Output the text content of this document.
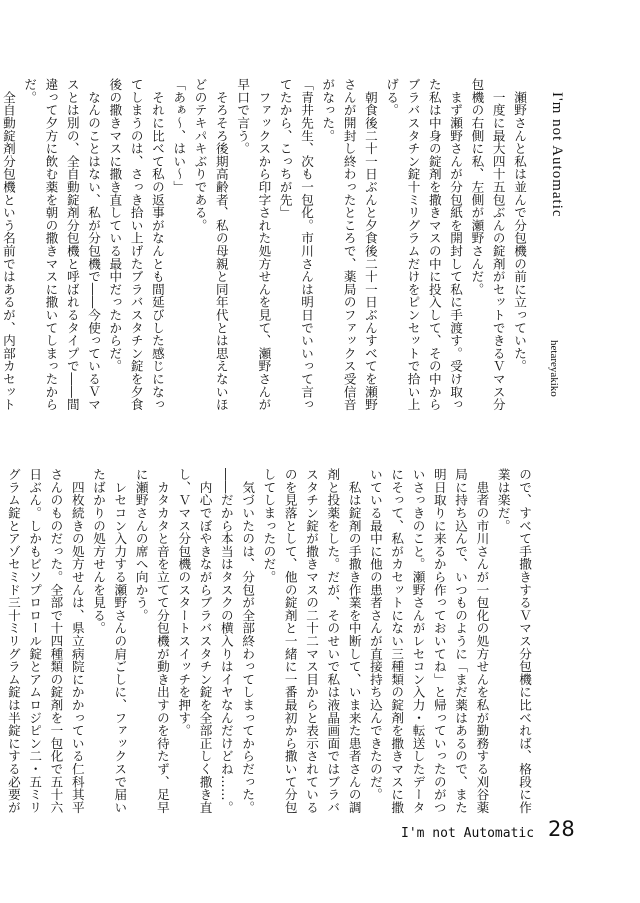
I'm not Automatic
hetareyakiko

　瀬野さんと私は並んで分包機の前に立っていた。

　一度に最大四十五包ぶんの錠剤がセットできるＶマス分包機の右側に私、左側が瀬野さんだ。

　まず瀬野さんが分包紙を開封して私に手渡す。受け取った私は中身の錠剤を撒きマスの中に投入して、その中からブラバスタチン錠十ミリグラムだけをピンセットで拾い上げる。

　朝食後二十一日ぶんと夕食後二十一日ぶんすべてを瀬野さんが開封し終わったところで、薬局のファックス受信音がなった。

「青井先生、次も一包化。市川さんは明日でいいって言ってたから、こっちが先」

　ファックスから印字された処方せんを見て、瀬野さんが早口で言う。

　そろそろ後期高齢者、私の母親と同年代とは思えないほどのテキパキぶりである。

「あぁ～、はい～」

　それに比べて私の返事がなんとも間延びした感じになってしまうのは、さっき拾い上げたブラバスタチン錠を夕食後の撒きマスに撒き直している最中だったからだ。

　なんのことはない、私が分包機で――今使っているＶマスとは別の、全自動錠剤分包機と呼ばれるタイプで――間違って夕方に飲む薬を朝の撒きマスに撒いてしまったからだ。

　全自動錠剤分包機という名前ではあるが、内部カセット

ので、すべて手撒きするＶマス分包機に比べれば、格段に作業は楽だ。

　患者の市川さんが一包化の処方せんを私が勤務する刈谷薬局に持ち込んで、いつものように「まだ薬はあるので、また明日取りに来るから作っておいてね」と帰っていったのがついさっきのこと。瀬野さんがレセコン入力・転送したデータにそって、私がカセットにない三種類の錠剤を撒きマスに撒いている最中に他の患者さんが直接持ち込んできたのだ。

　私は錠剤の手撒き作業を中断して、いま来た患者さんの調剤と投薬をした。だが、そのせいで私は液晶画面ではブラバスタチン錠が撒きマスの二十二マス目からと表示されているのを見落として、他の錠剤と一緒に一番最初から撒いて分包してしまったのだ。

　気づいたのは、分包が全部終わってしまってからだった。

――だから本当はタスクの横入りはイヤなんだけどね……。

　内心でぼやきながらブラバスタチン錠を全部正しく撒き直し、Ｖマス分包機のスタートスイッチを押す。

　カタカタと音を立てて分包機が動き出すのを待たず、足早に瀬野さんの席へ向かう。

　レセコン入力する瀬野さんの肩ごしに、ファックスで届いたばかりの処方せんを見る。

　四枚続きの処方せんは、県立病院にかかっている仁科其平さんのものだった。全部で十四種類の錠剤を一包化で五十六日ぶん。しかもビソプロロール錠とアムロジピン二・五ミリグラム錠とアゾセミド三十ミリグラム錠は半錠にする必要が

I'm not Automatic 28
